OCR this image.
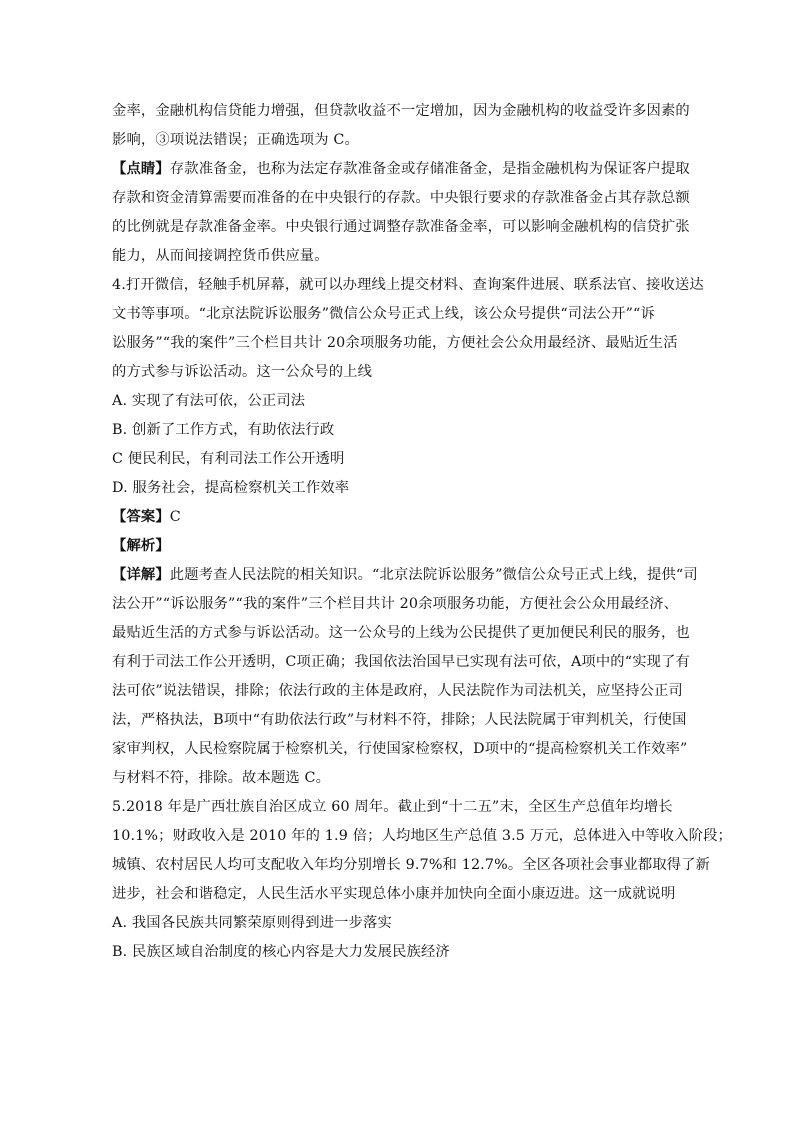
金率，金融机构信贷能力增强，但贷款收益不一定增加，因为金融机构的收益受许多因素的
影响，③项说法错误；正确选项为 C。
【点睛】存款准备金，也称为法定存款准备金或存储准备金，是指金融机构为保证客户提取
存款和资金清算需要而准备的在中央银行的存款。中央银行要求的存款准备金占其存款总额
的比例就是存款准备金率。中央银行通过调整存款准备金率，可以影响金融机构的信贷扩张
能力，从而间接调控货币供应量。
4.打开微信，轻触手机屏幕，就可以办理线上提交材料、查询案件进展、联系法官、接收送达
文书等事项。“北京法院诉讼服务”微信公众号正式上线，该公众号提供“司法公开”“诉
讼服务”“我的案件”三个栏目共计 20余项服务功能，方便社会公众用最经济、最贴近生活
的方式参与诉讼活动。这一公众号的上线
A. 实现了有法可依，公正司法
B. 创新了工作方式，有助依法行政
C 便民利民，有利司法工作公开透明
D. 服务社会，提高检察机关工作效率
【答案】C
【解析】
【详解】此题考查人民法院的相关知识。“北京法院诉讼服务”微信公众号正式上线，提供“司
法公开”“诉讼服务”“我的案件”三个栏目共计 20余项服务功能，方便社会公众用最经济、
最贴近生活的方式参与诉讼活动。这一公众号的上线为公民提供了更加便民利民的服务，也
有利于司法工作公开透明，C项正确；我国依法治国早已实现有法可依，A项中的“实现了有
法可依”说法错误，排除；依法行政的主体是政府，人民法院作为司法机关，应坚持公正司
法，严格执法，B项中“有助依法行政”与材料不符，排除；人民法院属于审判机关，行使国
家审判权，人民检察院属于检察机关，行使国家检察权，D项中的“提高检察机关工作效率”
与材料不符，排除。故本题选 C。
5.2018 年是广西壮族自治区成立 60 周年。截止到“十二五”末，全区生产总值年均增长
10.1%；财政收入是 2010 年的 1.9 倍；人均地区生产总值 3.5 万元，总体进入中等收入阶段；
城镇、农村居民人均可支配收入年均分别增长 9.7%和 12.7%。全区各项社会事业都取得了新
进步，社会和谐稳定，人民生活水平实现总体小康并加快向全面小康迈进。这一成就说明
A. 我国各民族共同繁荣原则得到进一步落实
B. 民族区域自治制度的核心内容是大力发展民族经济
